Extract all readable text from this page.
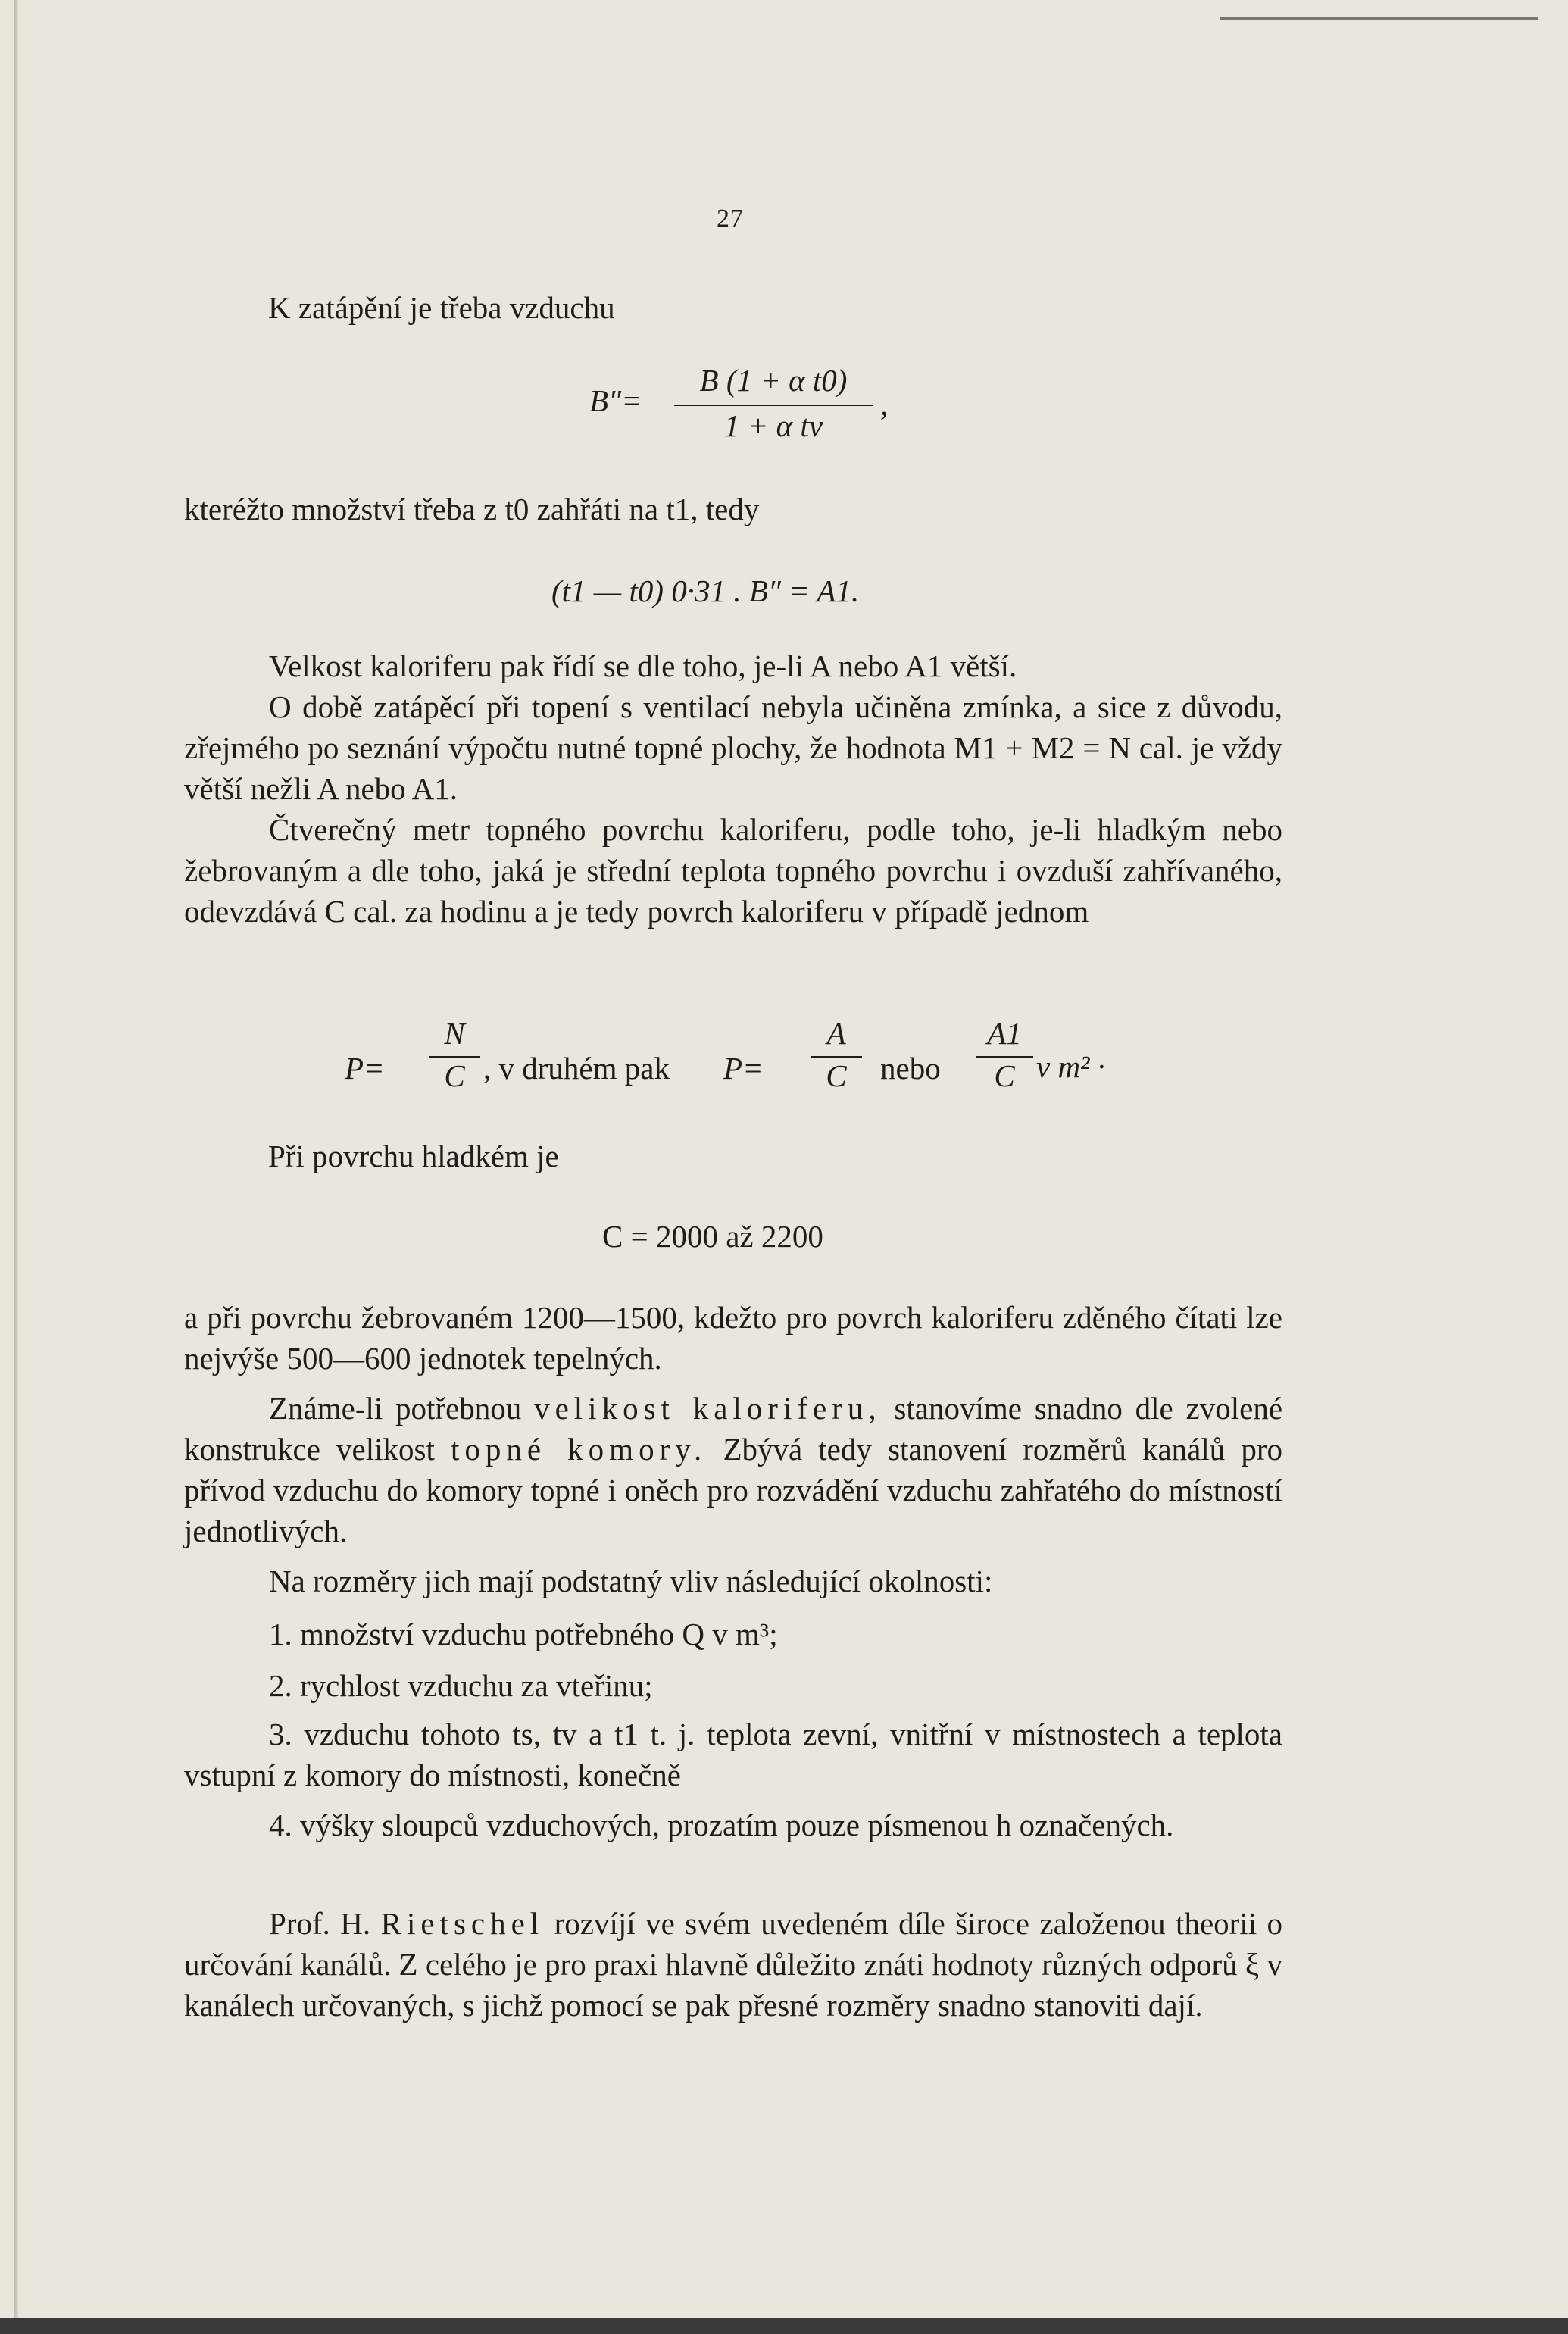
27
K zatápění je třeba vzduchu
B″=
B (1 + α t0)
1 + α tv
,
kteréžto množství třeba z t0 zahřáti na t1, tedy
(t1 — t0) 0·31 . B″ = A1.
Velkost kaloriferu pak řídí se dle toho, je-li A nebo A1 větší.
O době zatápěcí při topení s ventilací nebyla učiněna zmínka, a sice z důvodu, zřejmého po seznání výpočtu nutné topné plochy, že hodnota M1 + M2 = N cal. je vždy větší nežli A nebo A1.
Čtverečný metr topného povrchu kaloriferu, podle toho, je-li hladkým nebo žebrovaným a dle toho, jaká je střední teplota topného povrchu i ovzduší zahřívaného, odevzdává C cal. za hodinu a je tedy povrch kaloriferu v případě jednom
P=
N
C , v druhém pak P=
A
C	nebo
A1
C v m² ·
Při povrchu hladkém je
C = 2000 až 2200
a při povrchu žebrovaném 1200—1500, kdežto pro povrch kaloriferu zděného čítati lze nejvýše 500—600 jednotek tepelných.
Známe-li potřebnou velikost kaloriferu, stanovíme snadno dle zvolené konstrukce velikost topné komory. Zbývá tedy stanovení rozměrů kanálů pro přívod vzduchu do komory topné i oněch pro rozvádění vzduchu zahřatého do místností jednotlivých.
Na rozměry jich mají podstatný vliv následující okolnosti:
1. množství vzduchu potřebného Q v m³;
2. rychlost vzduchu za vteřinu;
3. vzduchu tohoto ts, tv a t1 t. j. teplota zevní, vnitřní v místnostech a teplota vstupní z komory do místnosti, konečně
4. výšky sloupců vzduchových, prozatím pouze písmenou h označených.
Prof. H. Rietschel rozvíjí ve svém uvedeném díle široce založenou theorii o určování kanálů. Z celého je pro praxi hlavně důležito znáti hodnoty různých odporů ξ v kanálech určovaných, s jichž pomocí se pak přesné rozměry snadno stanoviti dají.
